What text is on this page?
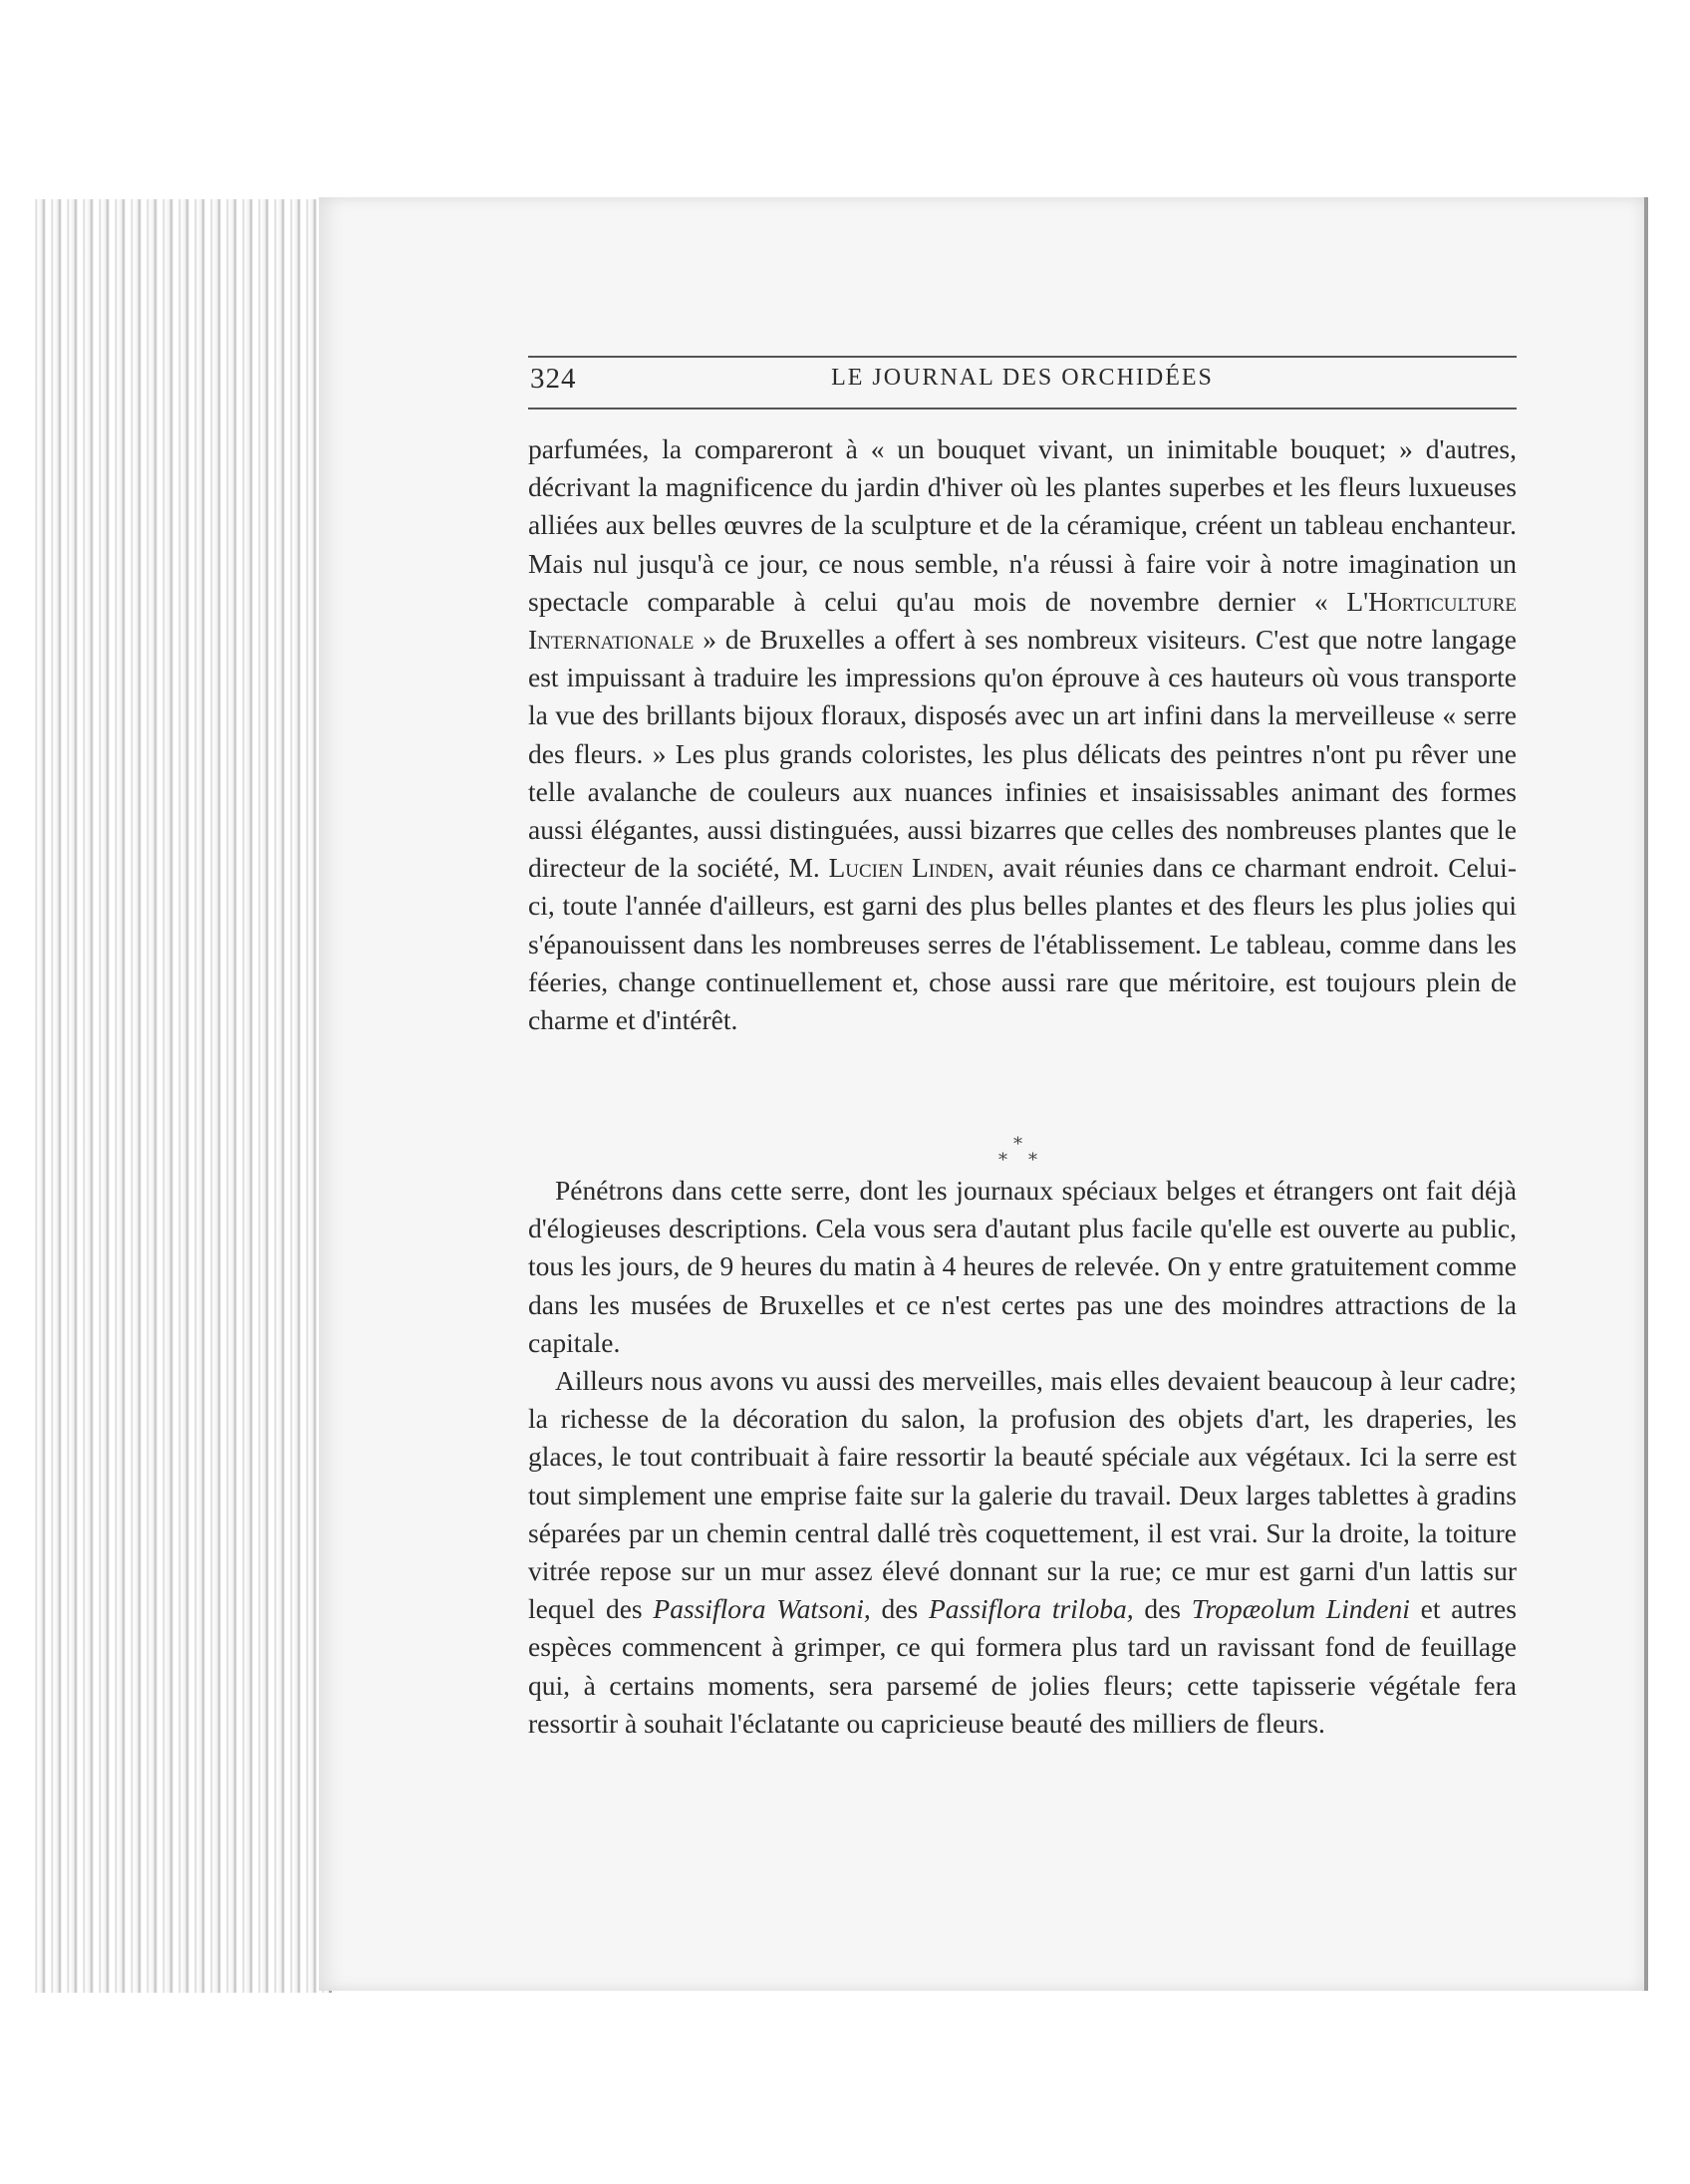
324	LE JOURNAL DES ORCHIDÉES

parfumées, la compareront à « un bouquet vivant, un inimitable bouquet; » d'autres, décrivant la magnificence du jardin d'hiver où les plantes superbes et les fleurs luxueuses alliées aux belles œuvres de la sculpture et de la céramique, créent un tableau enchanteur. Mais nul jusqu'à ce jour, ce nous semble, n'a réussi à faire voir à notre imagination un spectacle comparable à celui qu'au mois de novembre dernier « L'Horticulture Internationale » de Bruxelles a offert à ses nombreux visiteurs. C'est que notre langage est impuissant à traduire les impressions qu'on éprouve à ces hauteurs où vous transporte la vue des brillants bijoux floraux, disposés avec un art infini dans la merveilleuse « serre des fleurs. » Les plus grands coloristes, les plus délicats des peintres n'ont pu rêver une telle avalanche de couleurs aux nuances infinies et insaisissables animant des formes aussi élégantes, aussi distinguées, aussi bizarres que celles des nombreuses plantes que le directeur de la société, M. Lucien Linden, avait réunies dans ce charmant endroit. Celui-ci, toute l'année d'ailleurs, est garni des plus belles plantes et des fleurs les plus jolies qui s'épanouissent dans les nombreuses serres de l'établissement. Le tableau, comme dans les féeries, change continuellement et, chose aussi rare que méritoire, est toujours plein de charme et d'intérêt.

*
* *

Pénétrons dans cette serre, dont les journaux spéciaux belges et étrangers ont fait déjà d'élogieuses descriptions. Cela vous sera d'autant plus facile qu'elle est ouverte au public, tous les jours, de 9 heures du matin à 4 heures de relevée. On y entre gratuitement comme dans les musées de Bruxelles et ce n'est certes pas une des moindres attractions de la capitale.

Ailleurs nous avons vu aussi des merveilles, mais elles devaient beaucoup à leur cadre; la richesse de la décoration du salon, la profusion des objets d'art, les draperies, les glaces, le tout contribuait à faire ressortir la beauté spéciale aux végétaux. Ici la serre est tout simplement une emprise faite sur la galerie du travail. Deux larges tablettes à gradins séparées par un chemin central dallé très coquettement, il est vrai. Sur la droite, la toiture vitrée repose sur un mur assez élevé donnant sur la rue; ce mur est garni d'un lattis sur lequel des Passiflora Watsoni, des Passiflora triloba, des Tropæolum Lindeni et autres espèces commencent à grimper, ce qui formera plus tard un ravissant fond de feuillage qui, à certains moments, sera parsemé de jolies fleurs; cette tapisserie végétale fera ressortir à souhait l'éclatante ou capricieuse beauté des milliers de fleurs.
